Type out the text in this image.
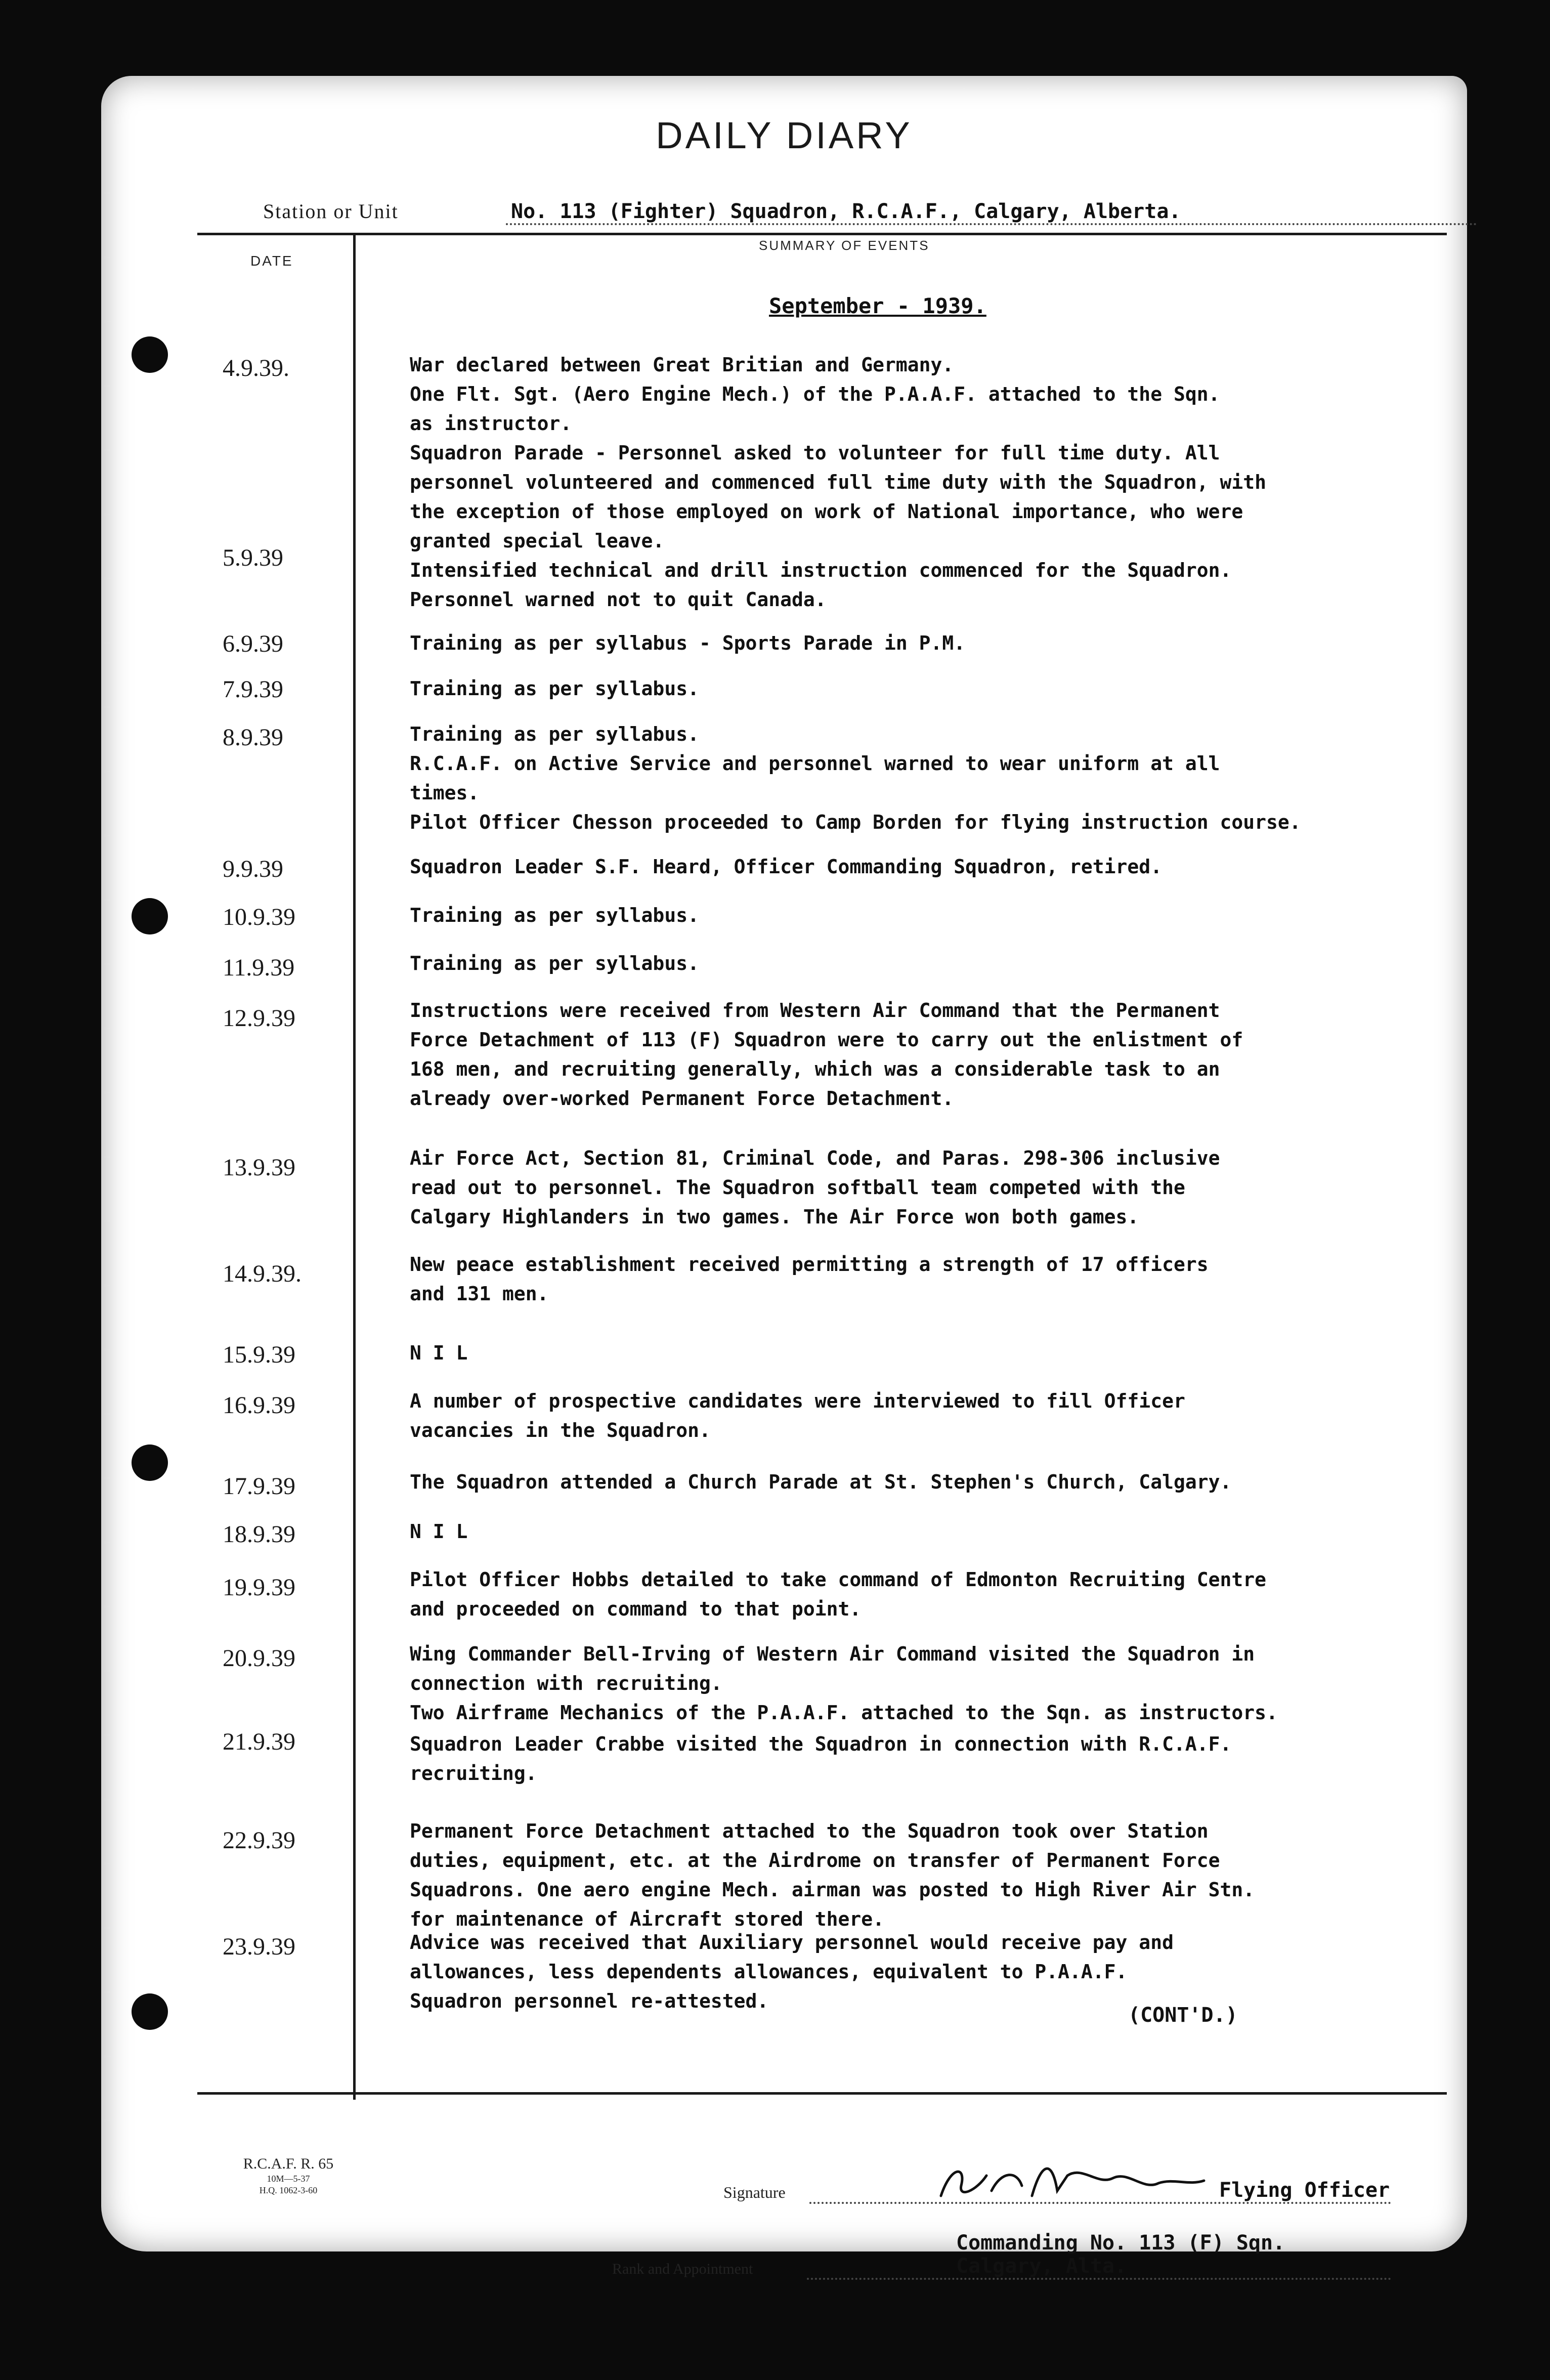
DAILY DIARY
Station or Unit	No. 113 (Fighter) Squadron, R.C.A.F., Calgary, Alberta.
DATE
SUMMARY OF EVENTS
September - 1939.
4.9.39.	War declared between Great Britian and Germany.
One Flt. Sgt. (Aero Engine Mech.) of the P.A.A.F. attached to the Sqn.
as instructor.
Squadron Parade - Personnel asked to volunteer for full time duty. All
personnel volunteered and commenced full time duty with the Squadron, with
the exception of those employed on work of National importance, who were
granted special leave.
5.9.39	Intensified technical and drill instruction commenced for the Squadron.
Personnel warned not to quit Canada.
6.9.39	Training as per syllabus - Sports Parade in P.M.
7.9.39	Training as per syllabus.
8.9.39	Training as per syllabus.
R.C.A.F. on Active Service and personnel warned to wear uniform at all
times.
Pilot Officer Chesson proceeded to Camp Borden for flying instruction course.
9.9.39	Squadron Leader S.F. Heard, Officer Commanding Squadron, retired.
10.9.39	Training as per syllabus.
11.9.39	Training as per syllabus.
12.9.39	Instructions were received from Western Air Command that the Permanent
Force Detachment of 113 (F) Squadron were to carry out the enlistment of
168 men, and recruiting generally, which was a considerable task to an
already over-worked Permanent Force Detachment.
13.9.39	Air Force Act, Section 81, Criminal Code, and Paras. 298-306 inclusive
read out to personnel. The Squadron softball team competed with the
Calgary Highlanders in two games. The Air Force won both games.
14.9.39.	New peace establishment received permitting a strength of 17 officers
and 131 men.
15.9.39	N I L
16.9.39	A number of prospective candidates were interviewed to fill Officer
vacancies in the Squadron.
17.9.39	The Squadron attended a Church Parade at St. Stephen's Church, Calgary.
18.9.39	N I L
19.9.39	Pilot Officer Hobbs detailed to take command of Edmonton Recruiting Centre
and proceeded on command to that point.
20.9.39	Wing Commander Bell-Irving of Western Air Command visited the Squadron in
connection with recruiting.
Two Airframe Mechanics of the P.A.A.F. attached to the Sqn. as instructors.
21.9.39	Squadron Leader Crabbe visited the Squadron in connection with R.C.A.F.
recruiting.
22.9.39	Permanent Force Detachment attached to the Squadron took over Station
duties, equipment, etc. at the Airdrome on transfer of Permanent Force
Squadrons. One aero engine Mech. airman was posted to High River Air Stn.
for maintenance of Aircraft stored there.
23.9.39	Advice was received that Auxiliary personnel would receive pay and
allowances, less dependents allowances, equivalent to P.A.A.F.
Squadron personnel re-attested.
(CONT'D.)
R.C.A.F. R. 65
10M—5-37
H.Q. 1062-3-60	Signature	Flying Officer
Rank and Appointment
Commanding No. 113 (F) Sqn. Calgary, Alta.
